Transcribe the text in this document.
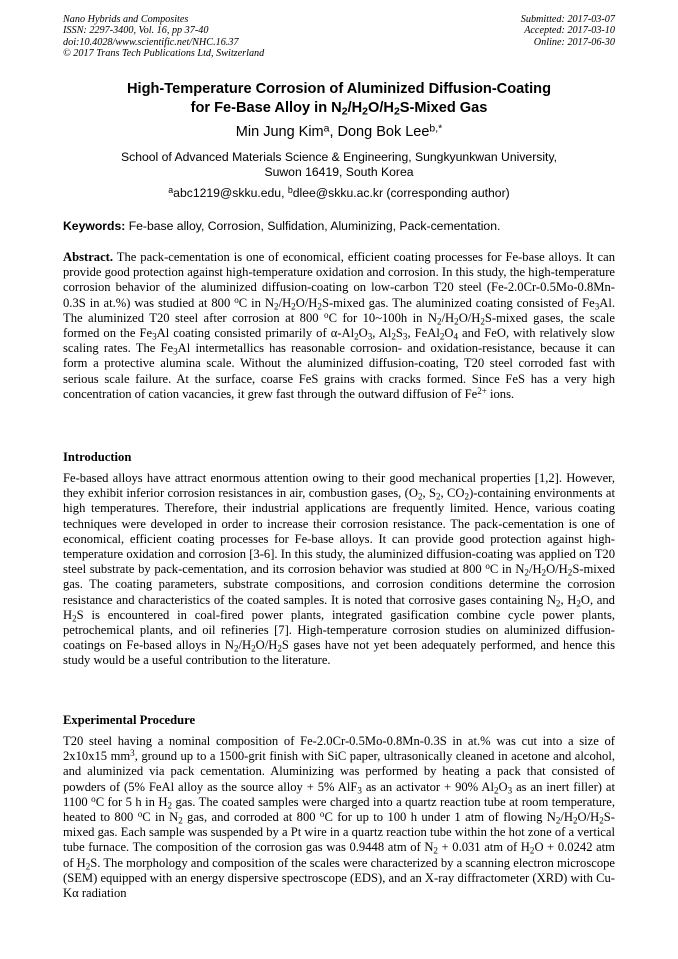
Nano Hybrids and Composites
ISSN: 2297-3400, Vol. 16, pp 37-40
doi:10.4028/www.scientific.net/NHC.16.37
© 2017 Trans Tech Publications Ltd, Switzerland
Submitted: 2017-03-07
Accepted: 2017-03-10
Online: 2017-06-30
High-Temperature Corrosion of Aluminized Diffusion-Coating
for Fe-Base Alloy in $N_2/H_2O/H_2S$-Mixed Gas
Min Jung Kim$^a$, Dong Bok Lee$^{b,*}$
School of Advanced Materials Science & Engineering, Sungkyunkwan University,
Suwon 16419, South Korea
$^a$abc1219@skku.edu, $^b$dlee@skku.ac.kr (corresponding author)
Keywords: Fe-base alloy, Corrosion, Sulfidation, Aluminizing, Pack-cementation.
Abstract. The pack-cementation is one of economical, efficient coating processes for Fe-base alloys. It can provide good protection against high-temperature oxidation and corrosion. In this study, the high-temperature corrosion behavior of the aluminized diffusion-coating on low-carbon T20 steel (Fe-2.0Cr-0.5Mo-0.8Mn-0.3S in at.%) was studied at 800 $^o$C in $N_2/H_2O/H_2S$-mixed gas. The aluminized coating consisted of $Fe_3Al$. The aluminized T20 steel after corrosion at 800 $^o$C for 10~100h in $N_2/H_2O/H_2S$-mixed gases, the scale formed on the $Fe_3Al$ coating consisted primarily of $\alpha-Al_2O_3$, $Al_2S_3$, $FeAl_2O_4$ and FeO, with relatively slow scaling rates. The $Fe_3Al$ intermetallics has reasonable corrosion- and oxidation-resistance, because it can form a protective alumina scale. Without the aluminized diffusion-coating, T20 steel corroded fast with serious scale failure. At the surface, coarse FeS grains with cracks formed. Since FeS has a very high concentration of cation vacancies, it grew fast through the outward diffusion of $Fe^{2+}$ ions.
Introduction
Fe-based alloys have attract enormous attention owing to their good mechanical properties [1,2]. However, they exhibit inferior corrosion resistances in air, combustion gases, ($O_2$, $S_2$, $CO_2$)-containing environments at high temperatures. Therefore, their industrial applications are frequently limited. Hence, various coating techniques were developed in order to increase their corrosion resistance. The pack-cementation is one of economical, efficient coating processes for Fe-base alloys. It can provide good protection against high-temperature oxidation and corrosion [3-6]. In this study, the aluminized diffusion-coating was applied on T20 steel substrate by pack-cementation, and its corrosion behavior was studied at 800 $^o$C in $N_2/H_2O/H_2S$-mixed gas. The coating parameters, substrate compositions, and corrosion conditions determine the corrosion resistance and characteristics of the coated samples. It is noted that corrosive gases containing $N_2$, $H_2O$, and $H_2S$ is encountered in coal-fired power plants, integrated gasification combine cycle power plants, petrochemical plants, and oil refineries [7]. High-temperature corrosion studies on aluminized diffusion-coatings on Fe-based alloys in $N_2/H_2O/H_2S$ gases have not yet been adequately performed, and hence this study would be a useful contribution to the literature.
Experimental Procedure
T20 steel having a nominal composition of Fe-2.0Cr-0.5Mo-0.8Mn-0.3S in at.% was cut into a size of 2x10x15 $mm^3$, ground up to a 1500-grit finish with SiC paper, ultrasonically cleaned in acetone and alcohol, and aluminized via pack cementation. Aluminizing was performed by heating a pack that consisted of powders of (5% FeAl alloy as the source alloy + 5% AlF$_3$ as an activator + 90% $Al_2O_3$ as an inert filler) at 1100 $^o$C for 5 h in $H_2$ gas. The coated samples were charged into a quartz reaction tube at room temperature, heated to 800 $^o$C in $N_2$ gas, and corroded at 800 $^o$C for up to 100 h under 1 atm of flowing $N_2/H_2O/H_2S$-mixed gas. Each sample was suspended by a Pt wire in a quartz reaction tube within the hot zone of a vertical tube furnace. The composition of the corrosion gas was 0.9448 atm of $N_2 + 0.031$ atm of $H_2O + 0.0242$ atm of $H_2S$. The morphology and composition of the scales were characterized by a scanning electron microscope (SEM) equipped with an energy dispersive spectroscope (EDS), and an X-ray diffractometer (XRD) with Cu-Kα radiation
